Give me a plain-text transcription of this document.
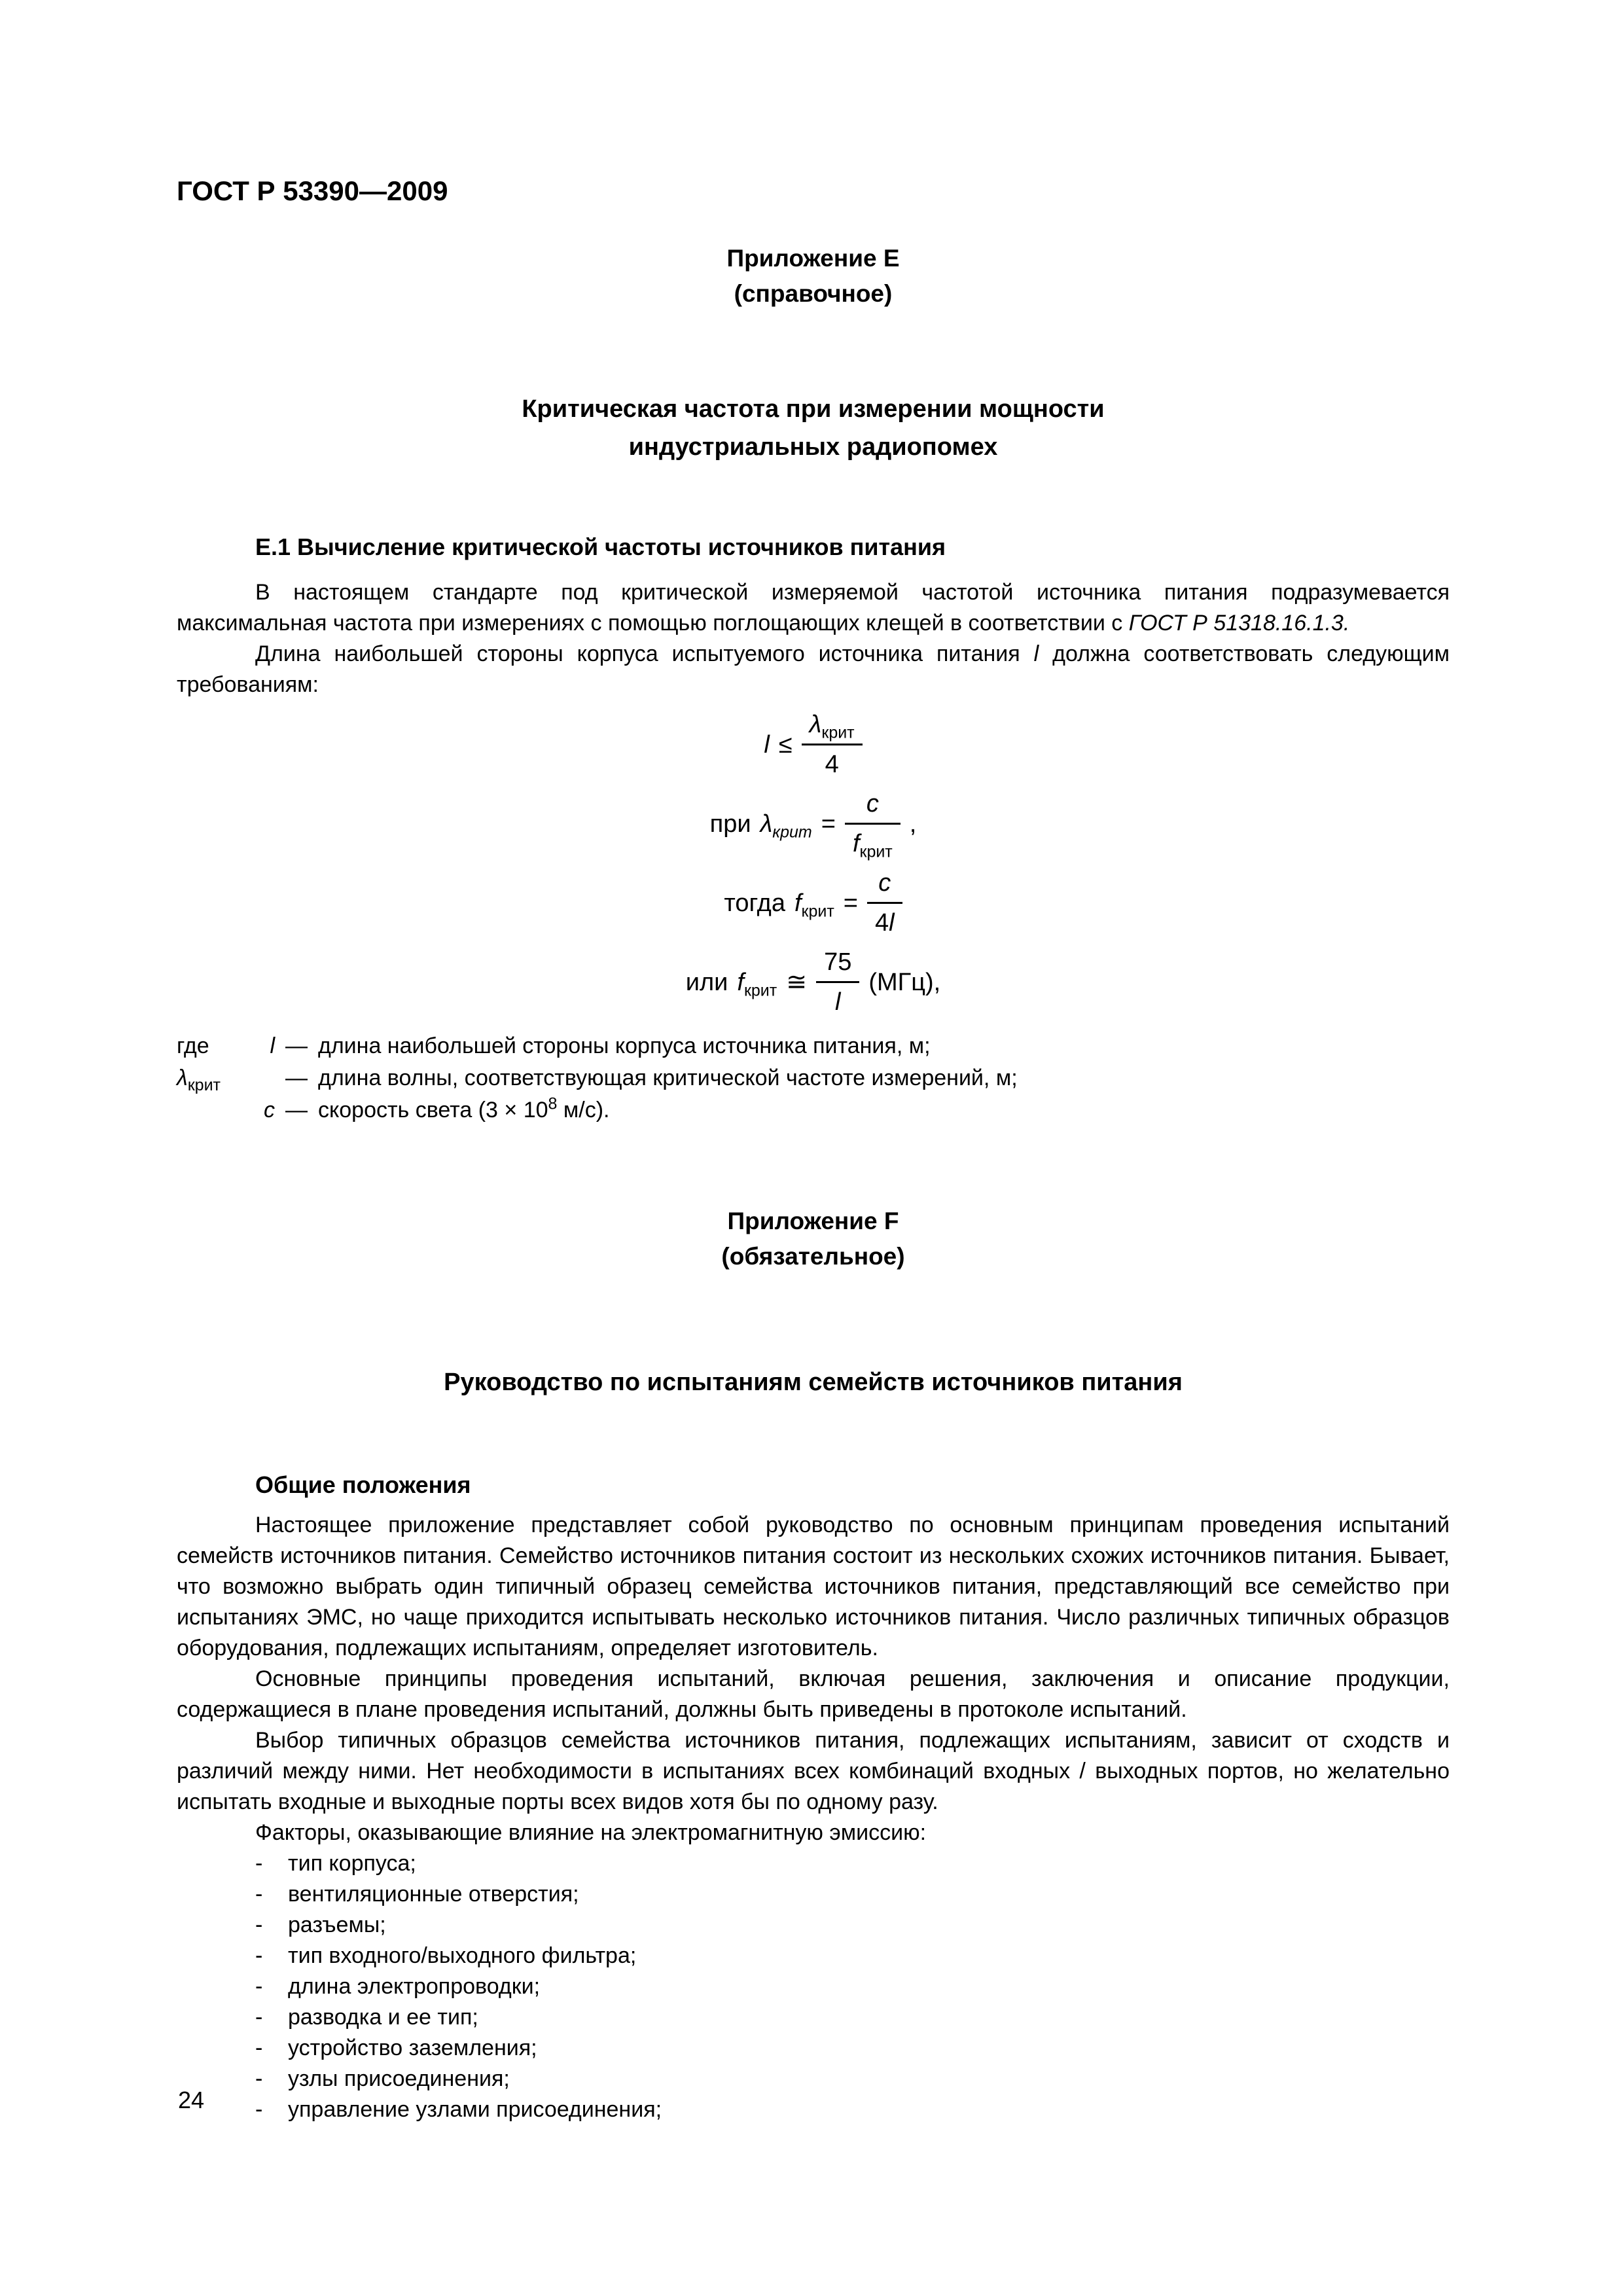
ГОСТ Р 53390—2009
Приложение Е
(справочное)
Критическая частота при измерении мощности
индустриальных радиопомех
Е.1 Вычисление критической частоты источников питания

В настоящем стандарте под критической измеряемой частотой источника питания подразумевается максимальная частота при измерениях с помощью поглощающих клещей в соответствии с ГОСТ Р 51318.16.1.3.

Длина наибольшей стороны корпуса испытуемого источника питания l должна соответствовать следующим требованиям:

$l \le \frac{\lambda_{крит}}{4}$
при $\lambda_{крит} = \frac{c}{f_{крит}}$ ,
тогда $f_{крит} = \frac{c}{4l}$
или $f_{крит}$ ≅ $\frac{75}{l} (МГц)$,
где	l — длина наибольшей стороны корпуса источника питания, м;
$\lambda_{крит}$	— длина волны, соответствующая критической частоте измерений, м;
с — скорость света ($3 \times 10^8$ м/с).
Приложение F
(обязательное)
Руководство по испытаниям семейств источников питания
Общие положения

Настоящее приложение представляет собой руководство по основным принципам проведения испытаний семейств источников питания. Семейство источников питания состоит из нескольких схожих источников питания. Бывает, что возможно выбрать один типичный образец семейства источников питания, представляющий все семейство при испытаниях ЭМС, но чаще приходится испытывать несколько источников питания. Число различных типичных образцов оборудования, подлежащих испытаниям, определяет изготовитель.

Основные принципы проведения испытаний, включая решения, заключения и описание продукции, содержащиеся в плане проведения испытаний, должны быть приведены в протоколе испытаний.

Выбор типичных образцов семейства источников питания, подлежащих испытаниям, зависит от сходств и различий между ними. Нет необходимости в испытаниях всех комбинаций входных / выходных портов, но желательно испытать входные и выходные порты всех видов хотя бы по одному разу.

Факторы, оказывающие влияние на электромагнитную эмиссию:

- тип корпуса;
- вентиляционные отверстия;
- разъемы;
- тип входного/выходного фильтра;
- длина электропроводки;
- разводка и ее тип;
- устройство заземления;
- узлы присоединения;
- управление узлами присоединения;
24
